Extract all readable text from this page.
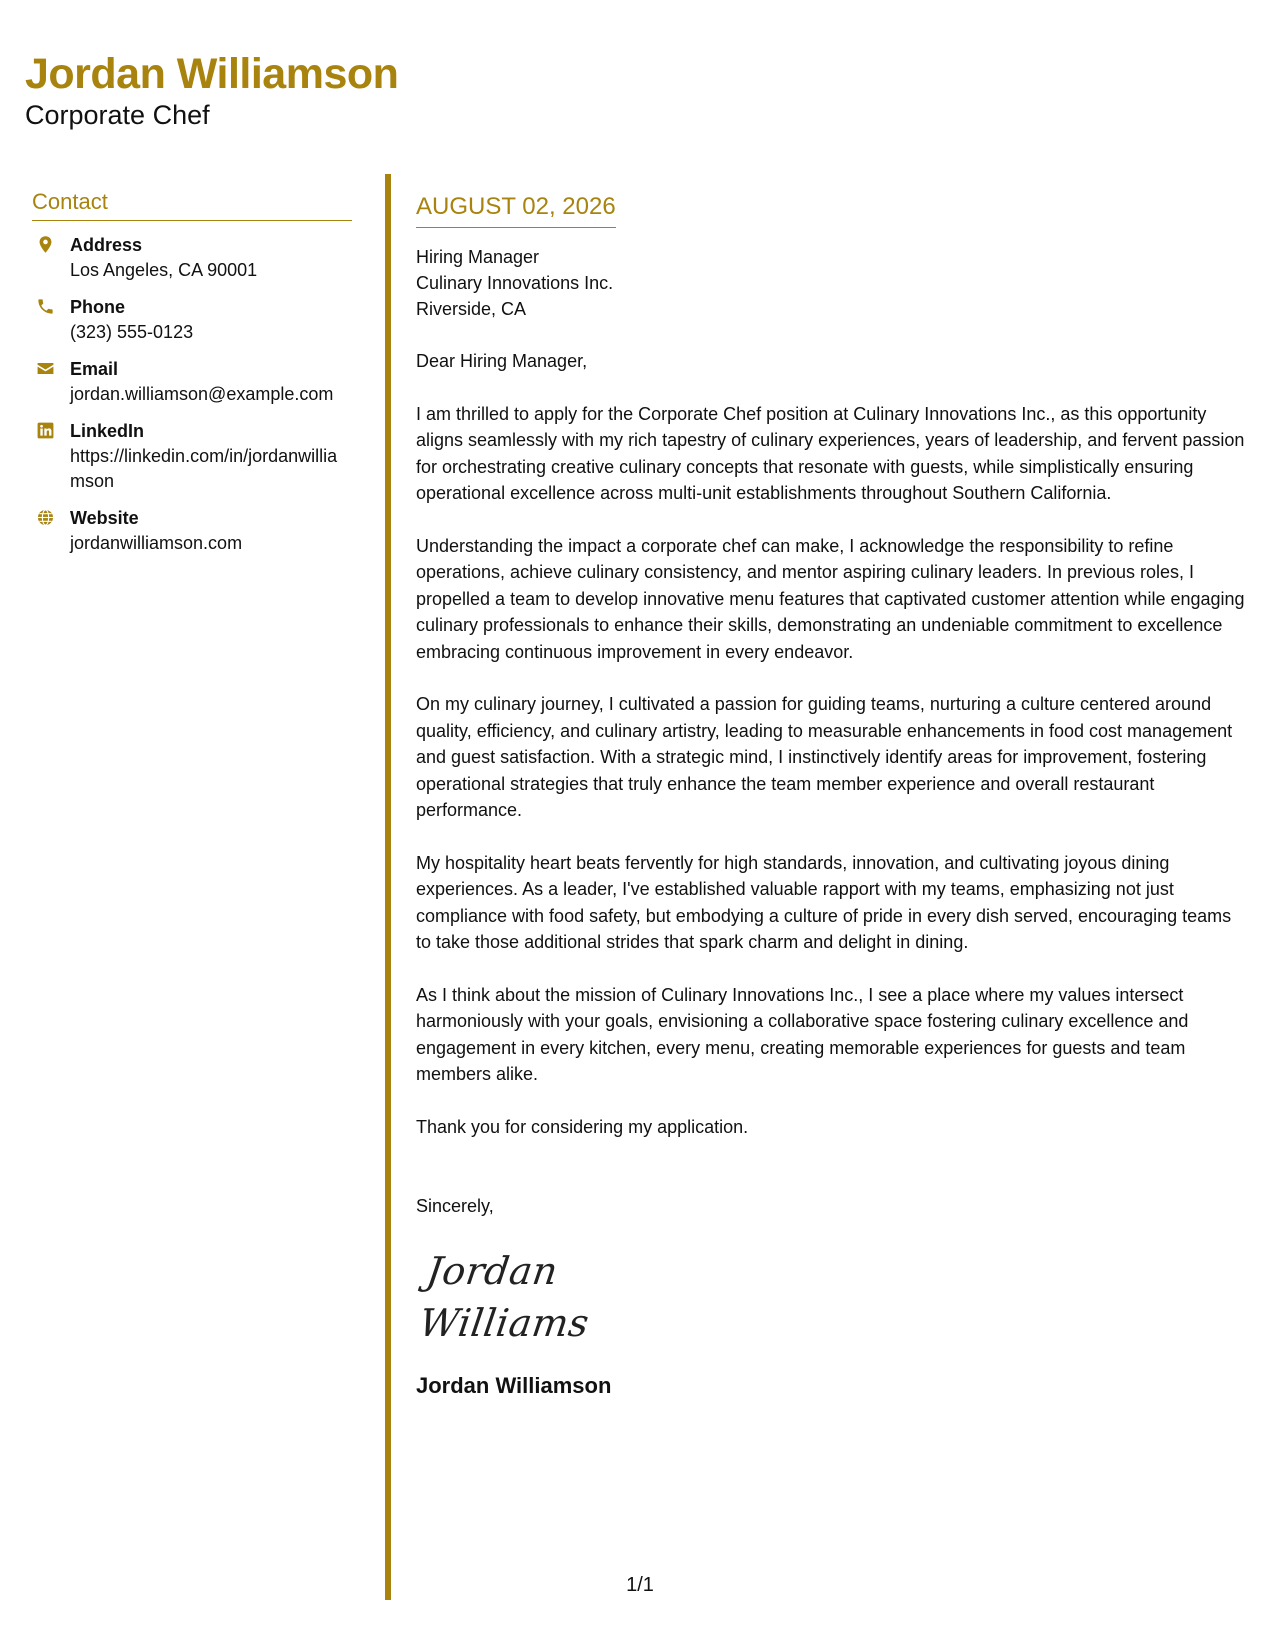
Jordan Williamson
Corporate Chef
Contact
Address
Los Angeles, CA 90001
Phone
(323) 555-0123
Email
jordan.williamson@example.com
LinkedIn
https://linkedin.com/in/jordanwilliamson
Website
jordanwilliamson.com
AUGUST 02, 2026
Hiring Manager
Culinary Innovations Inc.
Riverside, CA

Dear Hiring Manager,

I am thrilled to apply for the Corporate Chef position at Culinary Innovations Inc., as this opportunity aligns seamlessly with my rich tapestry of culinary experiences, years of leadership, and fervent passion for orchestrating creative culinary concepts that resonate with guests, while simplistically ensuring operational excellence across multi-unit establishments throughout Southern California.

Understanding the impact a corporate chef can make, I acknowledge the responsibility to refine operations, achieve culinary consistency, and mentor aspiring culinary leaders. In previous roles, I propelled a team to develop innovative menu features that captivated customer attention while engaging culinary professionals to enhance their skills, demonstrating an undeniable commitment to excellence embracing continuous improvement in every endeavor.

On my culinary journey, I cultivated a passion for guiding teams, nurturing a culture centered around quality, efficiency, and culinary artistry, leading to measurable enhancements in food cost management and guest satisfaction. With a strategic mind, I instinctively identify areas for improvement, fostering operational strategies that truly enhance the team member experience and overall restaurant performance.

My hospitality heart beats fervently for high standards, innovation, and cultivating joyous dining experiences. As a leader, I've established valuable rapport with my teams, emphasizing not just compliance with food safety, but embodying a culture of pride in every dish served, encouraging teams to take those additional strides that spark charm and delight in dining.

As I think about the mission of Culinary Innovations Inc., I see a place where my values intersect harmoniously with your goals, envisioning a collaborative space fostering culinary excellence and engagement in every kitchen, every menu, creating memorable experiences for guests and team members alike.

Thank you for considering my application.

Sincerely,
Jordan Williams
Jordan Williamson
1/1
